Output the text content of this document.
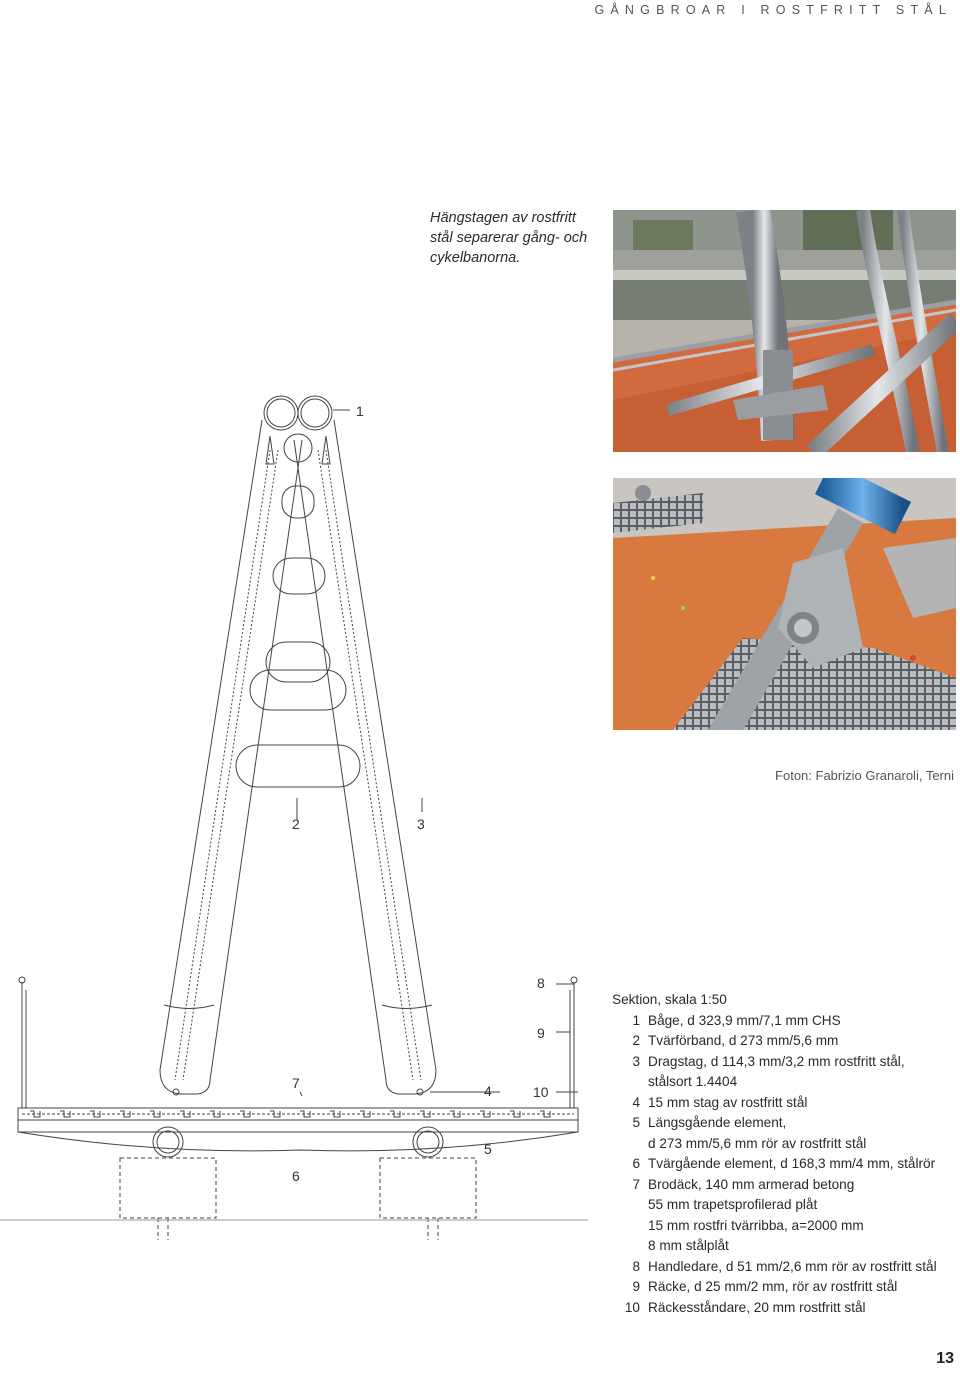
GÅNGBROAR I ROSTFRITT STÅL
Hängstagen av rostfritt
stål separerar gång- och
cykelbanorna.
Foton: Fabrizio Granaroli, Terni
1
2	3
4
5
6
7
8
9
10
Sektion, skala 1:50
1 Båge, d 323,9 mm/7,1 mm CHS
2 Tvärförband, d 273 mm/5,6 mm
3 Dragstag, d 114,3 mm/3,2 mm rostfritt stål,
stålsort 1.4404
4 15 mm stag av rostfritt stål
5 Längsgående element,
d 273 mm/5,6 mm rör av rostfritt stål
6 Tvärgående element, d 168,3 mm/4 mm, stålrör
7 Brodäck, 140 mm armerad betong
55 mm trapetsprofilerad plåt
15 mm rostfri tvärribba, a=2000 mm
8 mm stålplåt
8 Handledare, d 51 mm/2,6 mm rör av rostfritt stål
9 Räcke, d 25 mm/2 mm, rör av rostfritt stål
10 Räckesståndare, 20 mm rostfritt stål
13
